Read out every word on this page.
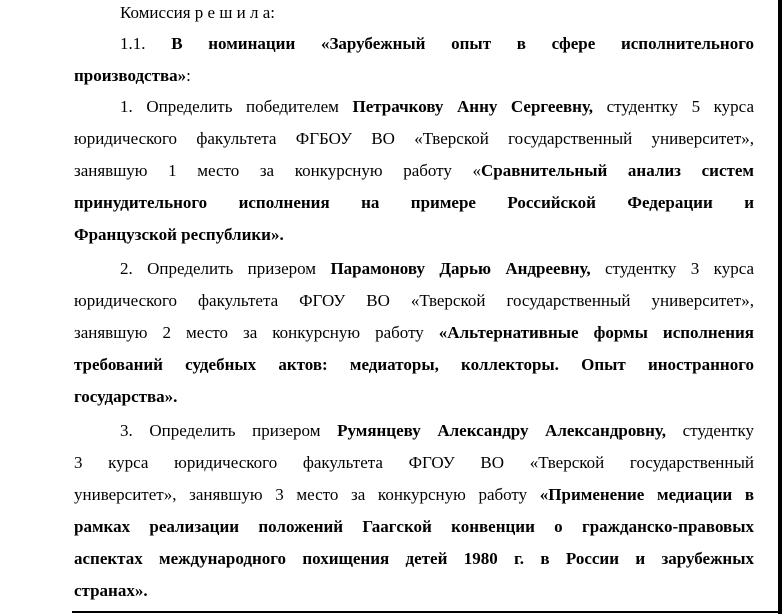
Комиссия р е ш и л а:
1.1. В номинации «Зарубежный опыт в сфере исполнительного
производства»:
1. Определить победителем Петрачкову Анну Сергеевну, студентку 5 курса
юридического факультета ФГБОУ ВО «Тверской государственный университет»,
занявшую 1 место за конкурсную работу «Сравнительный анализ систем
принудительного исполнения на примере Российской Федерации и
Французской республики».
2. Определить призером Парамонову Дарью Андреевну, студентку 3 курса
юридического факультета ФГОУ ВО «Тверской государственный университет»,
занявшую 2 место за конкурсную работу «Альтернативные формы исполнения
требований судебных актов: медиаторы, коллекторы. Опыт иностранного
государства».
3. Определить призером Румянцеву Александру Александровну, студентку
3 курса юридического факультета ФГОУ ВО «Тверской государственный
университет», занявшую 3 место за конкурсную работу «Применение медиации в
рамках реализации положений Гаагской конвенции о гражданско-правовых
аспектах международного похищения детей 1980 г. в России и зарубежных
странах».
